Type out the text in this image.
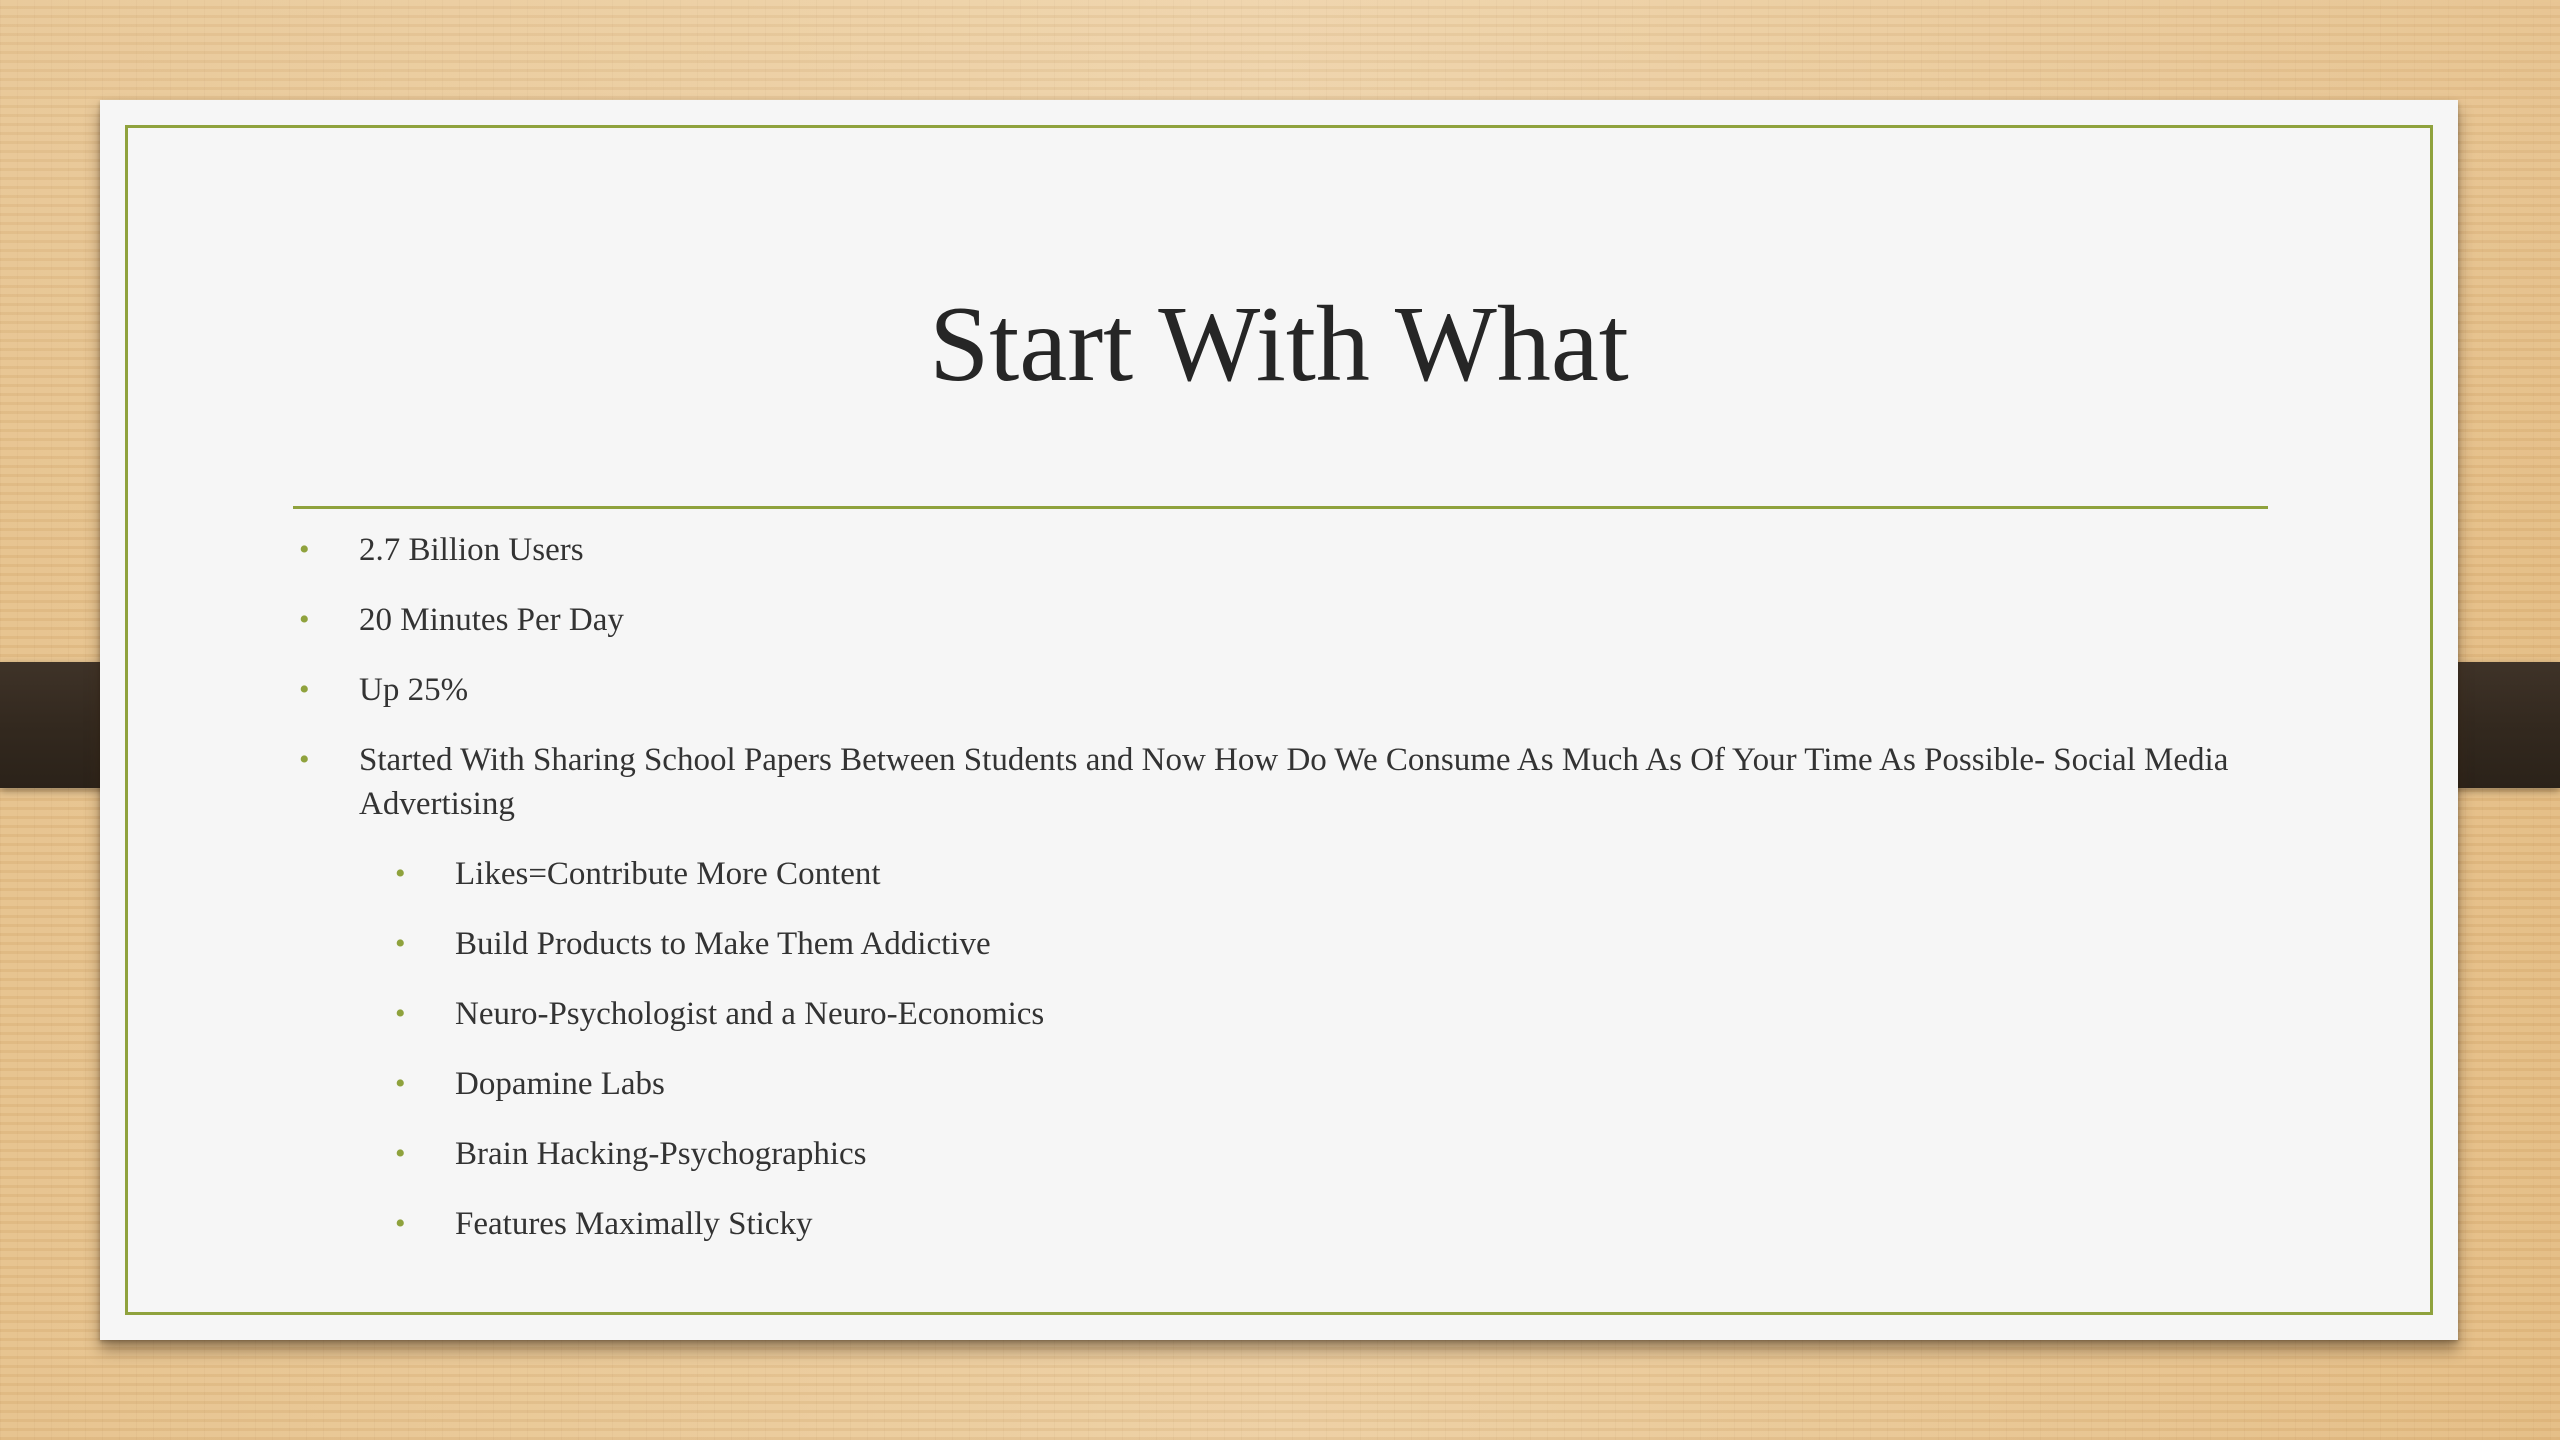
Start With What
• 2.7 Billion Users
• 20 Minutes Per Day
• Up 25%
• Started With Sharing School Papers Between Students and Now How Do We Consume As Much As Of Your Time As Possible- Social Media Advertising
• Likes=Contribute More Content
• Build Products to Make Them Addictive
• Neuro-Psychologist and a Neuro-Economics
• Dopamine Labs
• Brain Hacking-Psychographics
• Features Maximally Sticky
